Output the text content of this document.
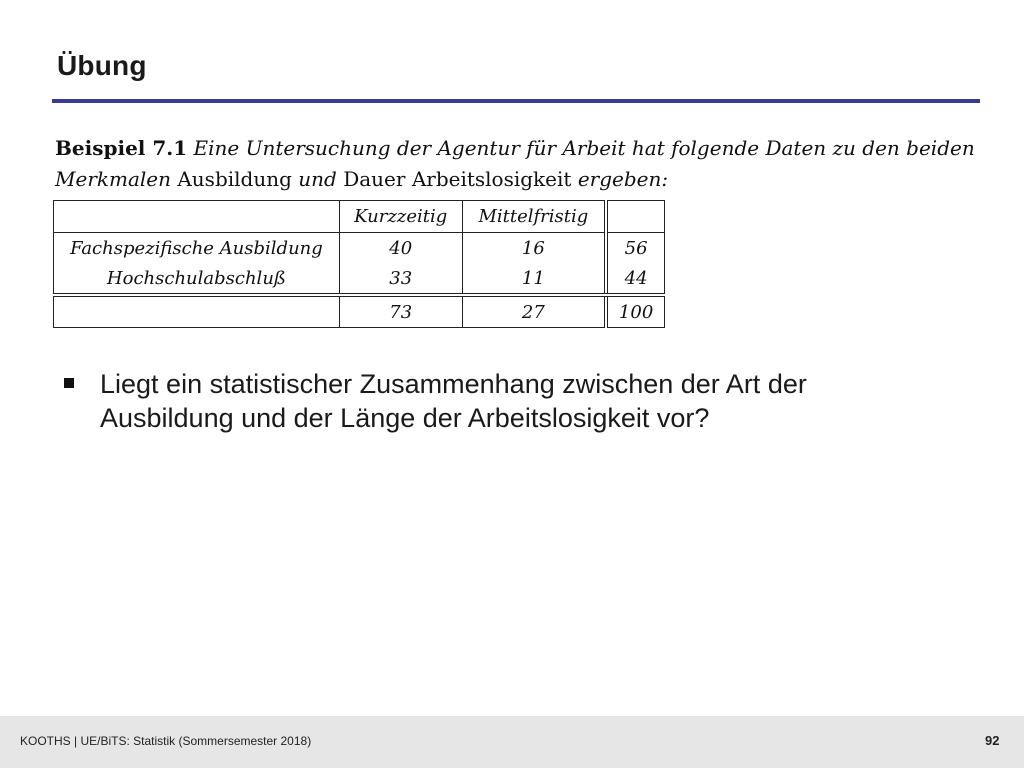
Übung
Beispiel 7.1 Eine Untersuchung der Agentur für Arbeit hat folgende Daten zu den beiden
Merkmalen Ausbildung und Dauer Arbeitslosigkeit ergeben:
	Kurzzeitig	Mittelfristig	
Fachspezifische Ausbildung	40	16	56
Hochschulabschluß	33	11	44
	73	27	100
Liegt ein statistischer Zusammenhang zwischen der Art der Ausbildung und der Länge der Arbeitslosigkeit vor?
KOOTHS | UE/BiTS: Statistik (Sommersemester 2018)	92
